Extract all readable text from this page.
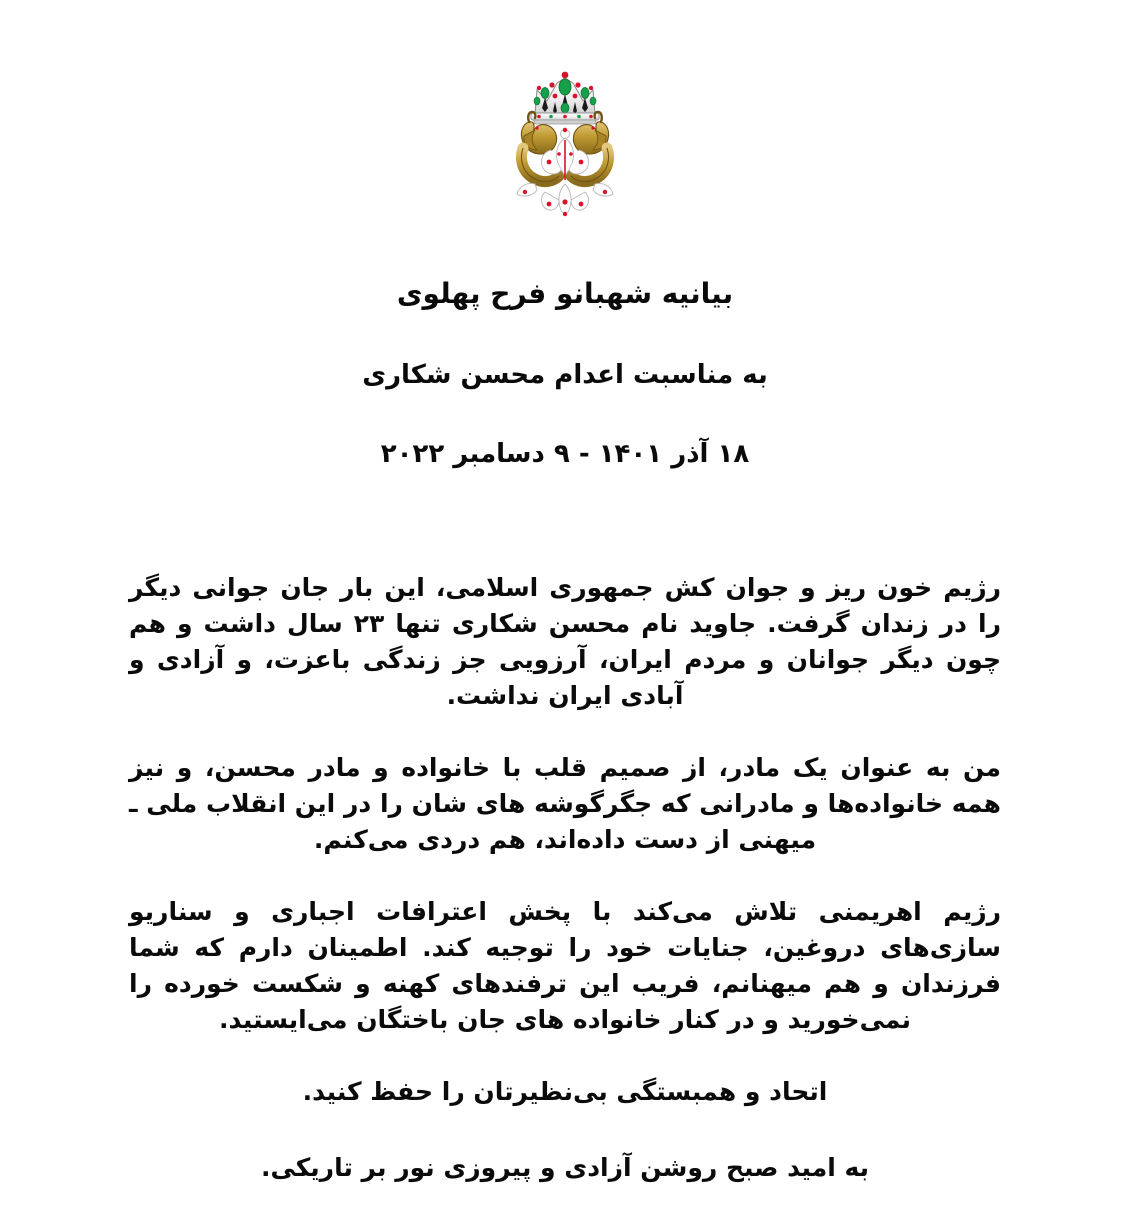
بیانیه شهبانو فرح پهلوی
به مناسبت اعدام محسن شکاری
۱۸ آذر ۱۴۰۱ - ۹ دسامبر ۲۰۲۲

رژیم خون ریز و جوان کش جمهوری اسلامی، این بار جان جوانی دیگر را در زندان گرفت. جاوید نام محسن شکاری تنها ۲۳ سال داشت و هم چون دیگر جوانان و مردم ایران، آرزویی جز زندگی باعزت، و آزادی و آبادی ایران نداشت.

من به عنوان یک مادر، از صمیم قلب با خانواده و مادر محسن، و نیز همه خانواده‌ها و مادرانی که جگرگوشه های شان را در این انقلاب ملی ـ میهنی از دست داده‌اند، هم دردی می‌کنم.

رژیم اهریمنی تلاش می‌کند با پخش اعترافات اجباری و سناریو سازی‌های دروغین، جنایات خود را توجیه کند. اطمینان دارم که شما فرزندان و هم میهنانم، فریب این ترفندهای کهنه و شکست خورده را نمی‌خورید و در کنار خانواده های جان باختگان می‌ایستید.

اتحاد و همبستگی بی‌نظیرتان را حفظ کنید.

به امید صبح روشن آزادی و پیروزی نور بر تاریکی.
